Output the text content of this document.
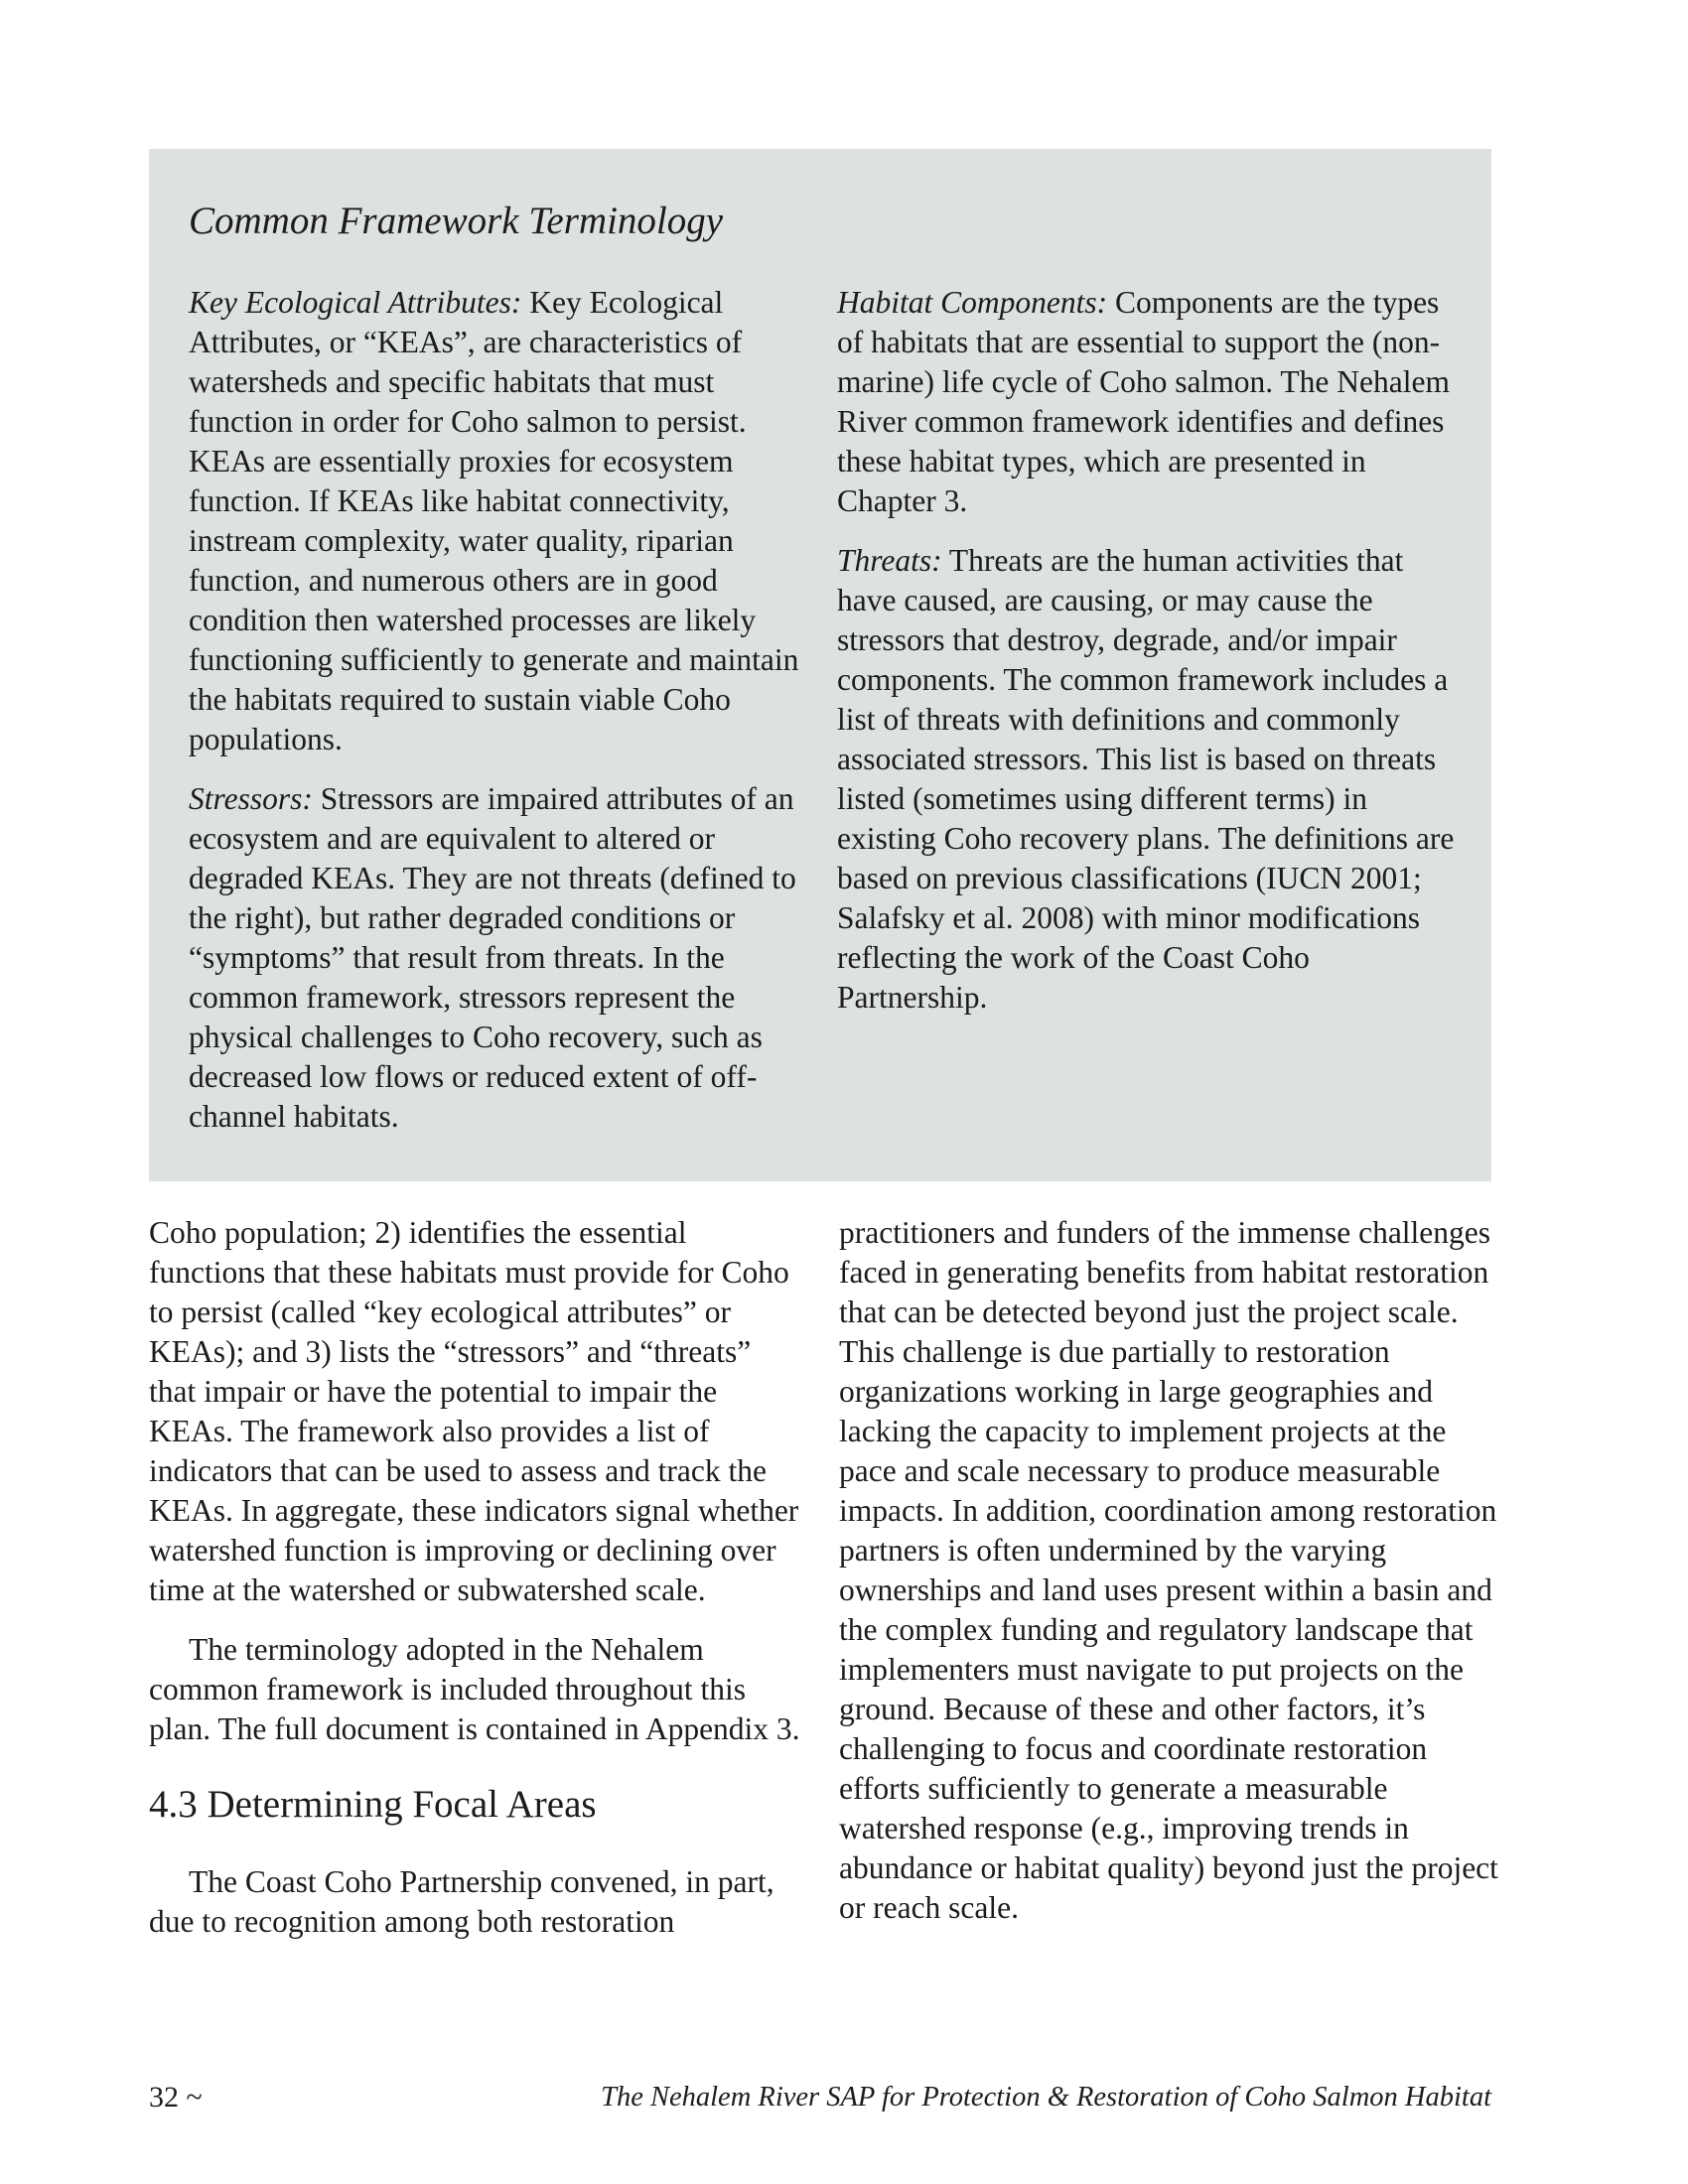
Common Framework Terminology

Key Ecological Attributes: Key Ecological Attributes, or “KEAs”, are characteristics of watersheds and specific habitats that must function in order for Coho salmon to persist. KEAs are essentially proxies for ecosystem function. If KEAs like habitat connectivity, instream complexity, water quality, riparian function, and numerous others are in good condition then watershed processes are likely functioning sufficiently to generate and maintain the habitats required to sustain viable Coho populations.

Stressors: Stressors are impaired attributes of an ecosystem and are equivalent to altered or degraded KEAs. They are not threats (defined to the right), but rather degraded conditions or “symptoms” that result from threats. In the common framework, stressors represent the physical challenges to Coho recovery, such as decreased low flows or reduced extent of off-channel habitats.

Habitat Components: Components are the types of habitats that are essential to support the (non-marine) life cycle of Coho salmon. The Nehalem River common framework identifies and defines these habitat types, which are presented in Chapter 3.

Threats: Threats are the human activities that have caused, are causing, or may cause the stressors that destroy, degrade, and/or impair components. The common framework includes a list of threats with definitions and commonly associated stressors. This list is based on threats listed (sometimes using different terms) in existing Coho recovery plans. The definitions are based on previous classifications (IUCN 2001; Salafsky et al. 2008) with minor modifications reflecting the work of the Coast Coho Partnership.

Coho population; 2) identifies the essential functions that these habitats must provide for Coho to persist (called “key ecological attributes” or KEAs); and 3) lists the “stressors” and “threats” that impair or have the potential to impair the KEAs. The framework also provides a list of indicators that can be used to assess and track the KEAs. In aggregate, these indicators signal whether watershed function is improving or declining over time at the watershed or subwatershed scale.

The terminology adopted in the Nehalem common framework is included throughout this plan. The full document is contained in Appendix 3.

4.3 Determining Focal Areas

The Coast Coho Partnership convened, in part, due to recognition among both restoration

practitioners and funders of the immense challenges faced in generating benefits from habitat restoration that can be detected beyond just the project scale. This challenge is due partially to restoration organizations working in large geographies and lacking the capacity to implement projects at the pace and scale necessary to produce measurable impacts. In addition, coordination among restoration partners is often undermined by the varying ownerships and land uses present within a basin and the complex funding and regulatory landscape that implementers must navigate to put projects on the ground. Because of these and other factors, it’s challenging to focus and coordinate restoration efforts sufficiently to generate a measurable watershed response (e.g., improving trends in abundance or habitat quality) beyond just the project or reach scale.

32 ~	The Nehalem River SAP for Protection & Restoration of Coho Salmon Habitat
